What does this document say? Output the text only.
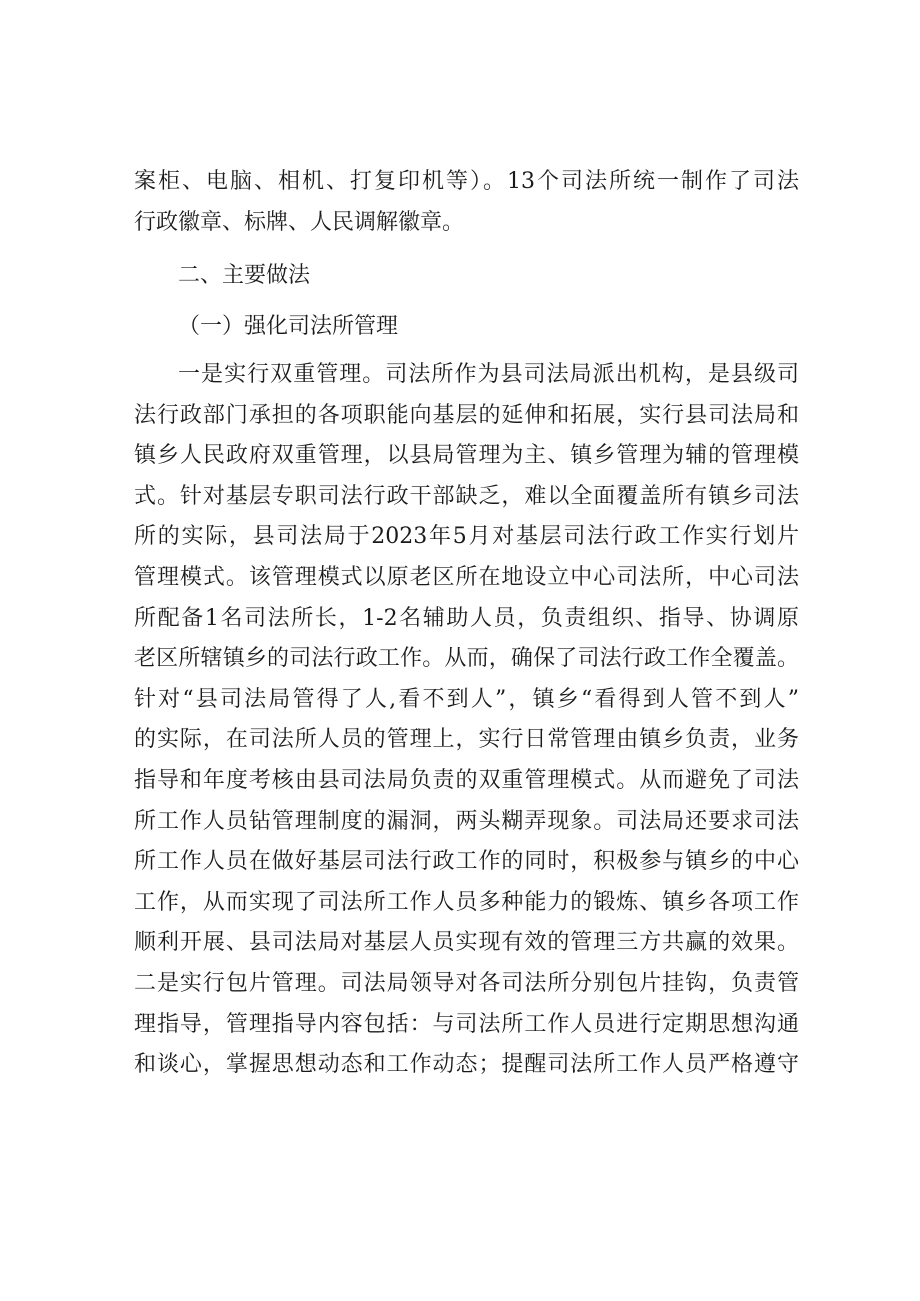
案柜、电脑、相机、打复印机等）。13个司法所统一制作了司法
行政徽章、标牌、人民调解徽章。
二、主要做法
（一）强化司法所管理
一是实行双重管理。司法所作为县司法局派出机构，是县级司
法行政部门承担的各项职能向基层的延伸和拓展，实行县司法局和
镇乡人民政府双重管理，以县局管理为主、镇乡管理为辅的管理模
式。针对基层专职司法行政干部缺乏，难以全面覆盖所有镇乡司法
所的实际，县司法局于2023年5月对基层司法行政工作实行划片
管理模式。该管理模式以原老区所在地设立中心司法所，中心司法
所配备1名司法所长，1-2名辅助人员，负责组织、指导、协调原
老区所辖镇乡的司法行政工作。从而，确保了司法行政工作全覆盖。
针对“县司法局管得了人,看不到人”，镇乡“看得到人管不到人”
的实际，在司法所人员的管理上，实行日常管理由镇乡负责，业务
指导和年度考核由县司法局负责的双重管理模式。从而避免了司法
所工作人员钻管理制度的漏洞，两头糊弄现象。司法局还要求司法
所工作人员在做好基层司法行政工作的同时，积极参与镇乡的中心
工作，从而实现了司法所工作人员多种能力的锻炼、镇乡各项工作
顺利开展、县司法局对基层人员实现有效的管理三方共赢的效果。
二是实行包片管理。司法局领导对各司法所分别包片挂钩，负责管
理指导，管理指导内容包括：与司法所工作人员进行定期思想沟通
和谈心，掌握思想动态和工作动态；提醒司法所工作人员严格遵守
